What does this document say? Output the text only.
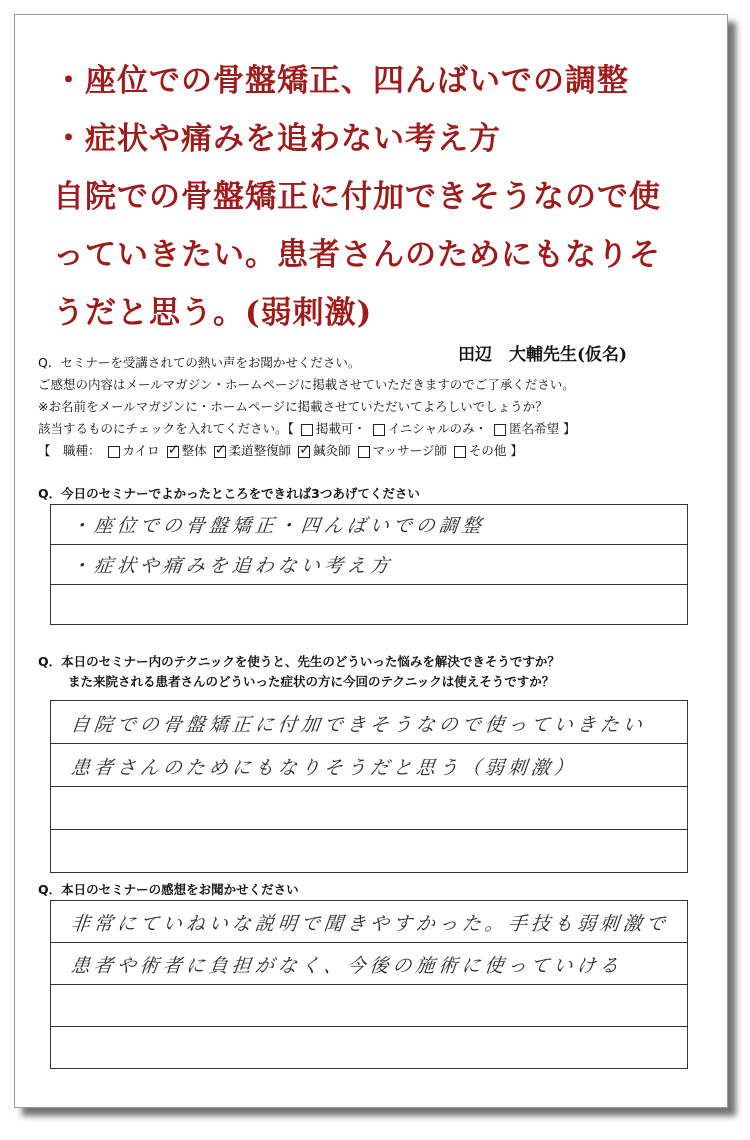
・座位での骨盤矯正、四んばいでの調整
・症状や痛みを追わない考え方
自院での骨盤矯正に付加できそうなので使
っていきたい。患者さんのためにもなりそ
うだと思う。(弱刺激)
田辺　大輔先生(仮名)
Q．セミナーを受講されての熱い声をお聞かせください。
ご感想の内容はメールマガジン・ホームページに掲載させていただきますのでご了承ください。
※お名前をメールマガジンに・ホームページに掲載させていただいてよろしいでしょうか？
該当するものにチェックを入れてください。【 掲載可・ イニシャルのみ・ 匿名希望 】
【　職種： カイロ ✓ 整体 ✓ 柔道整復師 ✓ 鍼灸師 マッサージ師 その他 】
Q．今日のセミナーでよかったところをできれば3つあげてください
・座位での骨盤矯正・四んばいでの調整
・症状や痛みを追わない考え方
Q．本日のセミナー内のテクニックを使うと、先生のどういった悩みを解決できそうですか？
また来院される患者さんのどういった症状の方に今回のテクニックは使えそうですか？
自院での骨盤矯正に付加できそうなので使っていきたい
患者さんのためにもなりそうだと思う（弱刺激）
Q．本日のセミナーの感想をお聞かせください
非常にていねいな説明で聞きやすかった。手技も弱刺激で
患者や術者に負担がなく、今後の施術に使っていける
